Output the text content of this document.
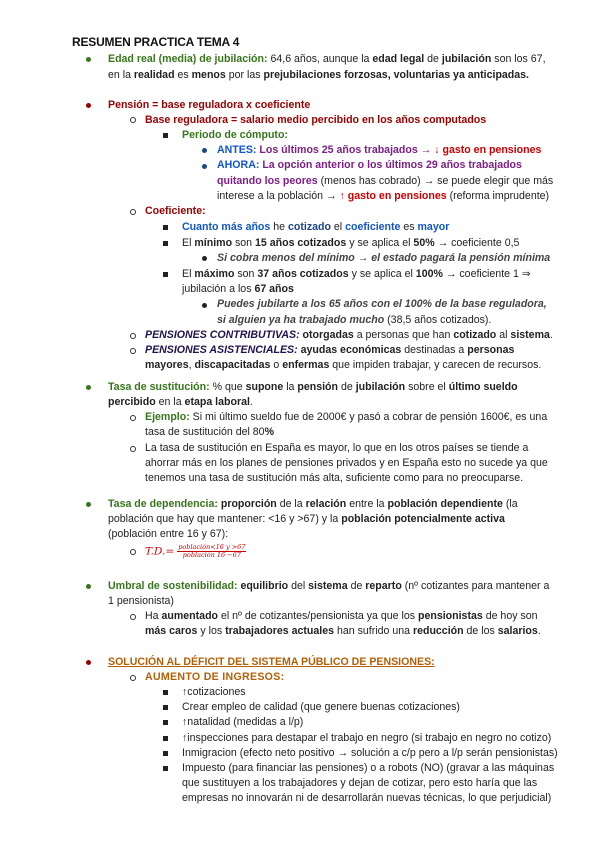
RESUMEN PRACTICA TEMA 4
Edad real (media) de jubilación: 64,6 años, aunque la edad legal de jubilación son los 67,
en la realidad es menos por las prejubilaciones forzosas, voluntarias ya anticipadas.
Pensión = base reguladora x coeficiente
Base reguladora = salario medio percibido en los años computados
Periodo de cómputo:
ANTES: Los últimos 25 años trabajados → ↓ gasto en pensiones
AHORA: La opción anterior o los últimos 29 años trabajados
quitando los peores (menos has cobrado) → se puede elegir que más
interese a la población → ↑ gasto en pensiones (reforma imprudente)
Coeficiente:
Cuanto más años he cotizado el coeficiente es mayor
El mínimo son 15 años cotizados y se aplica el 50% → coeficiente 0,5
Si cobra menos del mínimo → el estado pagará la pensión mínima
El máximo son 37 años cotizados y se aplica el 100% → coeficiente 1 ⇒
jubilación a los 67 años
Puedes jubilarte a los 65 años con el 100% de la base reguladora,
si alguien ya ha trabajado mucho (38,5 años cotizados).
PENSIONES CONTRIBUTIVAS: otorgadas a personas que han cotizado al sistema.
PENSIONES ASISTENCIALES: ayudas económicas destinadas a personas
mayores, discapacitadas o enfermas que impiden trabajar, y carecen de recursos.
Tasa de sustitución: % que supone la pensión de jubilación sobre el último sueldo
percibido en la etapa laboral.
Ejemplo: Si mi último sueldo fue de 2000€ y pasó a cobrar de pensión 1600€, es una
tasa de sustitución del 80%
La tasa de sustitución en España es mayor, lo que en los otros países se tiende a
ahorrar más en los planes de pensiones privados y en España esto no sucede ya que
tenemos una tasa de sustitución más alta, suficiente como para no preocuparse.
Tasa de dependencia: proporción de la relación entre la población dependiente (la
población que hay que mantener: <16 y >67) y la población potencialmente activa
(población entre 16 y 67):
$T.D.= \frac{\text{población<16 y >67}}{\text{población 16 −67}}$
Umbral de sostenibilidad: equilibrio del sistema de reparto (nº cotizantes para mantener a
1 pensionista)
Ha aumentado el nº de cotizantes/pensionista ya que los pensionistas de hoy son
más caros y los trabajadores actuales han sufrido una reducción de los salarios.
SOLUCIÓN AL DÉFICIT DEL SISTEMA PÚBLICO DE PENSIONES:
AUMENTO DE INGRESOS:
↑cotizaciones
Crear empleo de calidad (que genere buenas cotizaciones)
↑natalidad (medidas a l/p)
↑inspecciones para destapar el trabajo en negro (si trabajo en negro no cotizo)
Inmigracion (efecto neto positivo → solución a c/p pero a l/p serán pensionistas)
Impuesto (para financiar las pensiones) o a robots (NO) (gravar a las máquinas
que sustituyen a los trabajadores y dejan de cotizar, pero esto haría que las
empresas no innovarán ni de desarrollarán nuevas técnicas, lo que perjudicial)
